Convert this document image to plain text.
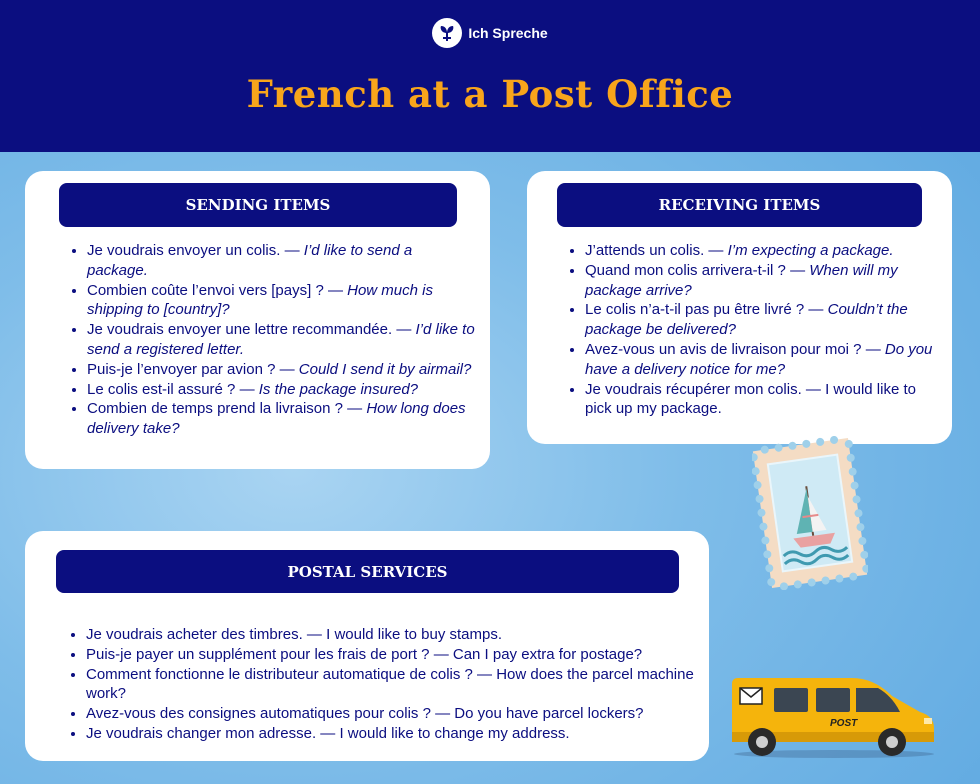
Ich Spreche
French at a Post Office
SENDING ITEMS
• Je voudrais envoyer un colis. — I’d like to send a package.
• Combien coûte l’envoi vers [pays] ? — How much is shipping to [country]?
• Je voudrais envoyer une lettre recommandée. — I’d like to send a registered letter.
• Puis-je l’envoyer par avion ? — Could I send it by airmail?
• Le colis est-il assuré ? — Is the package insured?
• Combien de temps prend la livraison ? — How long does delivery take?
RECEIVING ITEMS
• J’attends un colis. — I’m expecting a package.
• Quand mon colis arrivera-t-il ? — When will my package arrive?
• Le colis n’a-t-il pas pu être livré ? — Couldn’t the package be delivered?
• Avez-vous un avis de livraison pour moi ? — Do you have a delivery notice for me?
• Je voudrais récupérer mon colis. — I would like to pick up my package.
POSTAL SERVICES
• Je voudrais acheter des timbres. — I would like to buy stamps.
• Puis-je payer un supplément pour les frais de port ? — Can I pay extra for postage?
• Comment fonctionne le distributeur automatique de colis ? — How does the parcel machine work?
• Avez-vous des consignes automatiques pour colis ? — Do you have parcel lockers?
• Je voudrais changer mon adresse. — I would like to change my address.
POST
